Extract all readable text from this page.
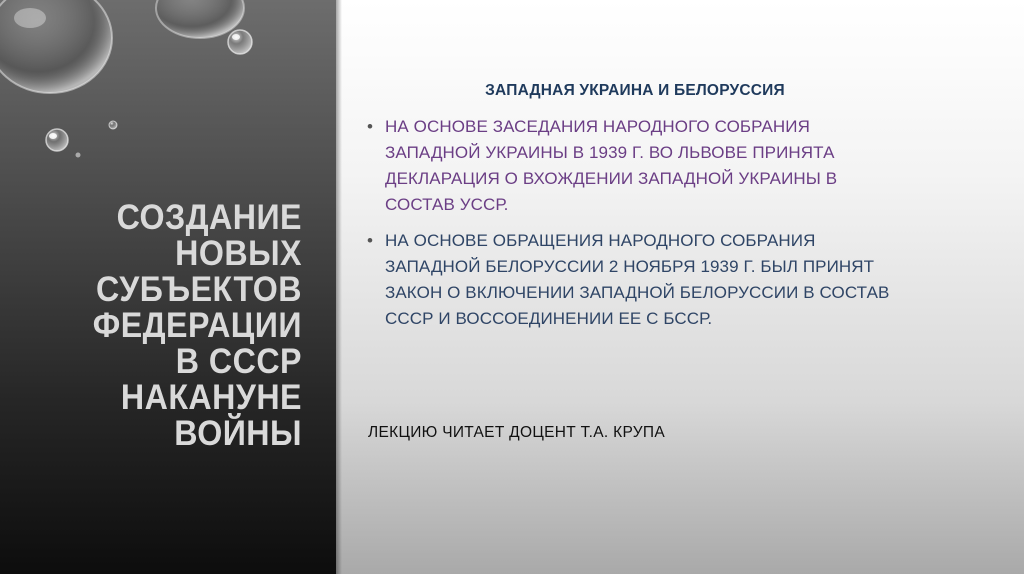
СОЗДАНИЕ
НОВЫХ
СУБЪЕКТОВ
ФЕДЕРАЦИИ
В СССР
НАКАНУНЕ
ВОЙНЫ
ЗАПАДНАЯ УКРАИНА И БЕЛОРУССИЯ
• НА ОСНОВЕ ЗАСЕДАНИЯ НАРОДНОГО СОБРАНИЯ ЗАПАДНОЙ УКРАИНЫ В 1939 Г. ВО ЛЬВОВЕ ПРИНЯТА ДЕКЛАРАЦИЯ О ВХОЖДЕНИИ ЗАПАДНОЙ УКРАИНЫ В СОСТАВ УССР.
• НА ОСНОВЕ ОБРАЩЕНИЯ НАРОДНОГО СОБРАНИЯ ЗАПАДНОЙ БЕЛОРУССИИ 2 НОЯБРЯ 1939 Г. БЫЛ ПРИНЯТ ЗАКОН О ВКЛЮЧЕНИИ ЗАПАДНОЙ БЕЛОРУССИИ В СОСТАВ СССР И ВОССОЕДИНЕНИИ ЕЕ С БССР.
ЛЕКЦИЮ ЧИТАЕТ ДОЦЕНТ Т.А. КРУПА
